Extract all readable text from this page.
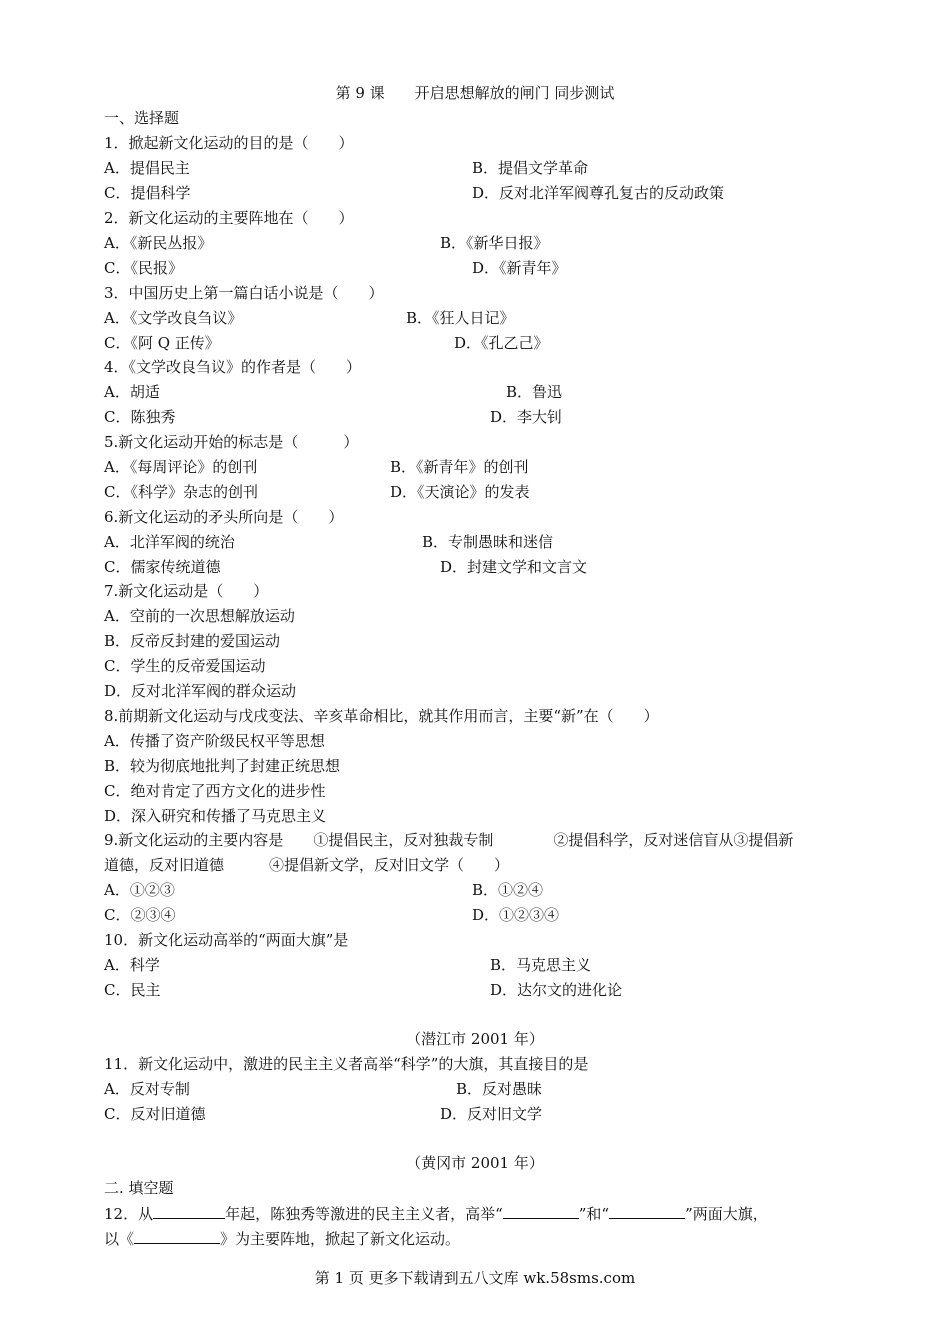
第 9 课　　开启思想解放的闸门 同步测试
一、选择题
1．掀起新文化运动的目的是（　　）
A．提倡民主	B．提倡文学革命
C．提倡科学	D．反对北洋军阀尊孔复古的反动政策
2．新文化运动的主要阵地在（　　）
A．《新民丛报》	B．《新华日报》
C．《民报》	D．《新青年》
3．中国历史上第一篇白话小说是（　　）
A．《文学改良刍议》	B．《狂人日记》
C．《阿 Q 正传》	D．《孔乙己》
4．《文学改良刍议》的作者是（　　）
A．胡适	B．鲁迅
C．陈独秀	D．李大钊
5.新文化运动开始的标志是（　　　）
A．《每周评论》的创刊	B．《新青年》的创刊
C．《科学》杂志的创刊	D．《天演论》的发表
6.新文化运动的矛头所向是（　　）
A．北洋军阀的统治	B．专制愚昧和迷信
C．儒家传统道德	D．封建文学和文言文
7.新文化运动是（　　）
A．空前的一次思想解放运动
B．反帝反封建的爱国运动
C．学生的反帝爱国运动
D．反对北洋军阀的群众运动
8.前期新文化运动与戊戌变法、辛亥革命相比，就其作用而言，主要“新”在（　　）
A．传播了资产阶级民权平等思想
B．较为彻底地批判了封建正统思想
C．绝对肯定了西方文化的进步性
D．深入研究和传播了马克思主义
9.新文化运动的主要内容是　　①提倡民主，反对独裁专制　　　　②提倡科学，反对迷信盲从③提倡新
道德，反对旧道德　　　④提倡新文学，反对旧文学（　　）
A．①②③	B．①②④
C．②③④	D．①②③④
10．新文化运动高举的“两面大旗”是
A．科学	B．马克思主义
C．民主	D．达尔文的进化论
（潜江市 2001 年）
11．新文化运动中，激进的民主主义者高举“科学”的大旗，其直接目的是
A．反对专制	B．反对愚昧
C．反对旧道德	D．反对旧文学
（黄冈市 2001 年）
二. 填空题
12．从	年起，陈独秀等激进的民主主义者，高举“	”和“	”两面大旗，
以《	》为主要阵地，掀起了新文化运动。
第 1 页 更多下载请到五八文库 wk.58sms.com
